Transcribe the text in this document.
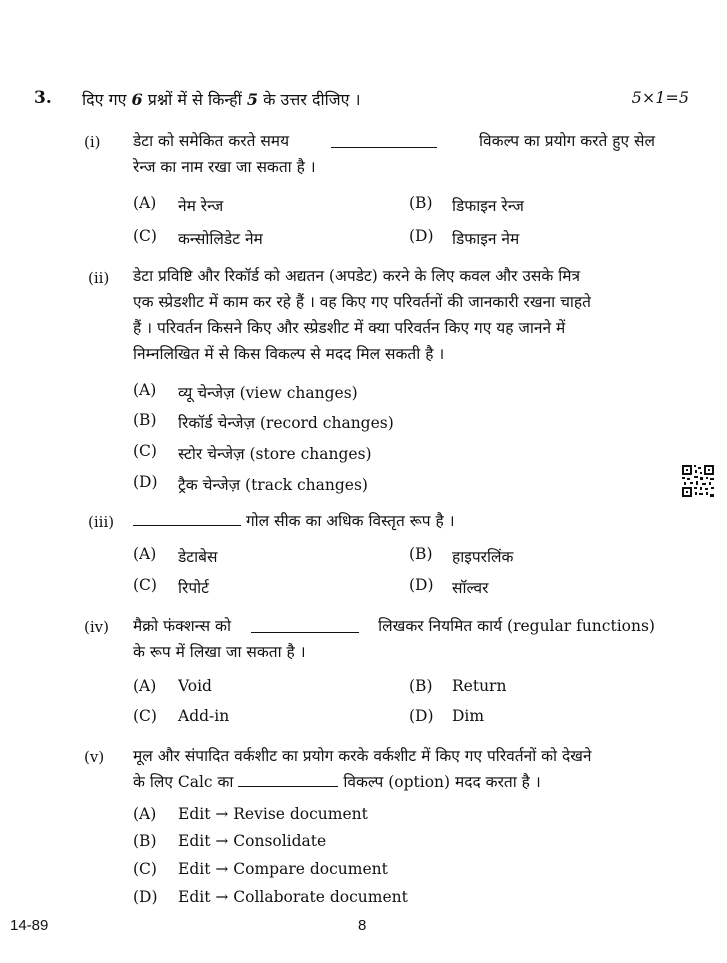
3. दिए गए 6 प्रश्नों में से किन्हीं 5 के उत्तर दीजिए ।	5×1=5
(i) डेटा को समेकित करते समय	विकल्प का प्रयोग करते हुए सेल
रेन्ज का नाम रखा जा सकता है ।
(A) नेम रेन्ज	(B) डिफाइन रेन्ज
(C) कन्सोलिडेट नेम	(D) डिफाइन नेम
(ii) डेटा प्रविष्टि और रिकॉर्ड को अद्यतन (अपडेट) करने के लिए कवल और उसके मित्र
एक स्प्रेडशीट में काम कर रहे हैं । वह किए गए परिवर्तनों की जानकारी रखना चाहते
हैं । परिवर्तन किसने किए और स्प्रेडशीट में क्या परिवर्तन किए गए यह जानने में
निम्नलिखित में से किस विकल्प से मदद मिल सकती है ।
(A) व्यू चेन्जेज़ (view changes)
(B) रिकॉर्ड चेन्जेज़ (record changes)
(C) स्टोर चेन्जेज़ (store changes)
(D) ट्रैक चेन्जेज़ (track changes)
(iii)	गोल सीक का अधिक विस्तृत रूप है ।
(A) डेटाबेस	(B) हाइपरलिंक
(C) रिपोर्ट	(D) सॉल्वर
(iv) मैक्रो फंक्शन्स को	लिखकर नियमित कार्य (regular functions)
के रूप में लिखा जा सकता है ।
(A) Void	(B) Return
(C) Add-in	(D) Dim
(v) मूल और संपादित वर्कशीट का प्रयोग करके वर्कशीट में किए गए परिवर्तनों को देखने
के लिए Calc का	विकल्प (option) मदद करता है ।
(A) Edit → Revise document
(B) Edit → Consolidate
(C) Edit → Compare document
(D) Edit → Collaborate document
14-89	8
